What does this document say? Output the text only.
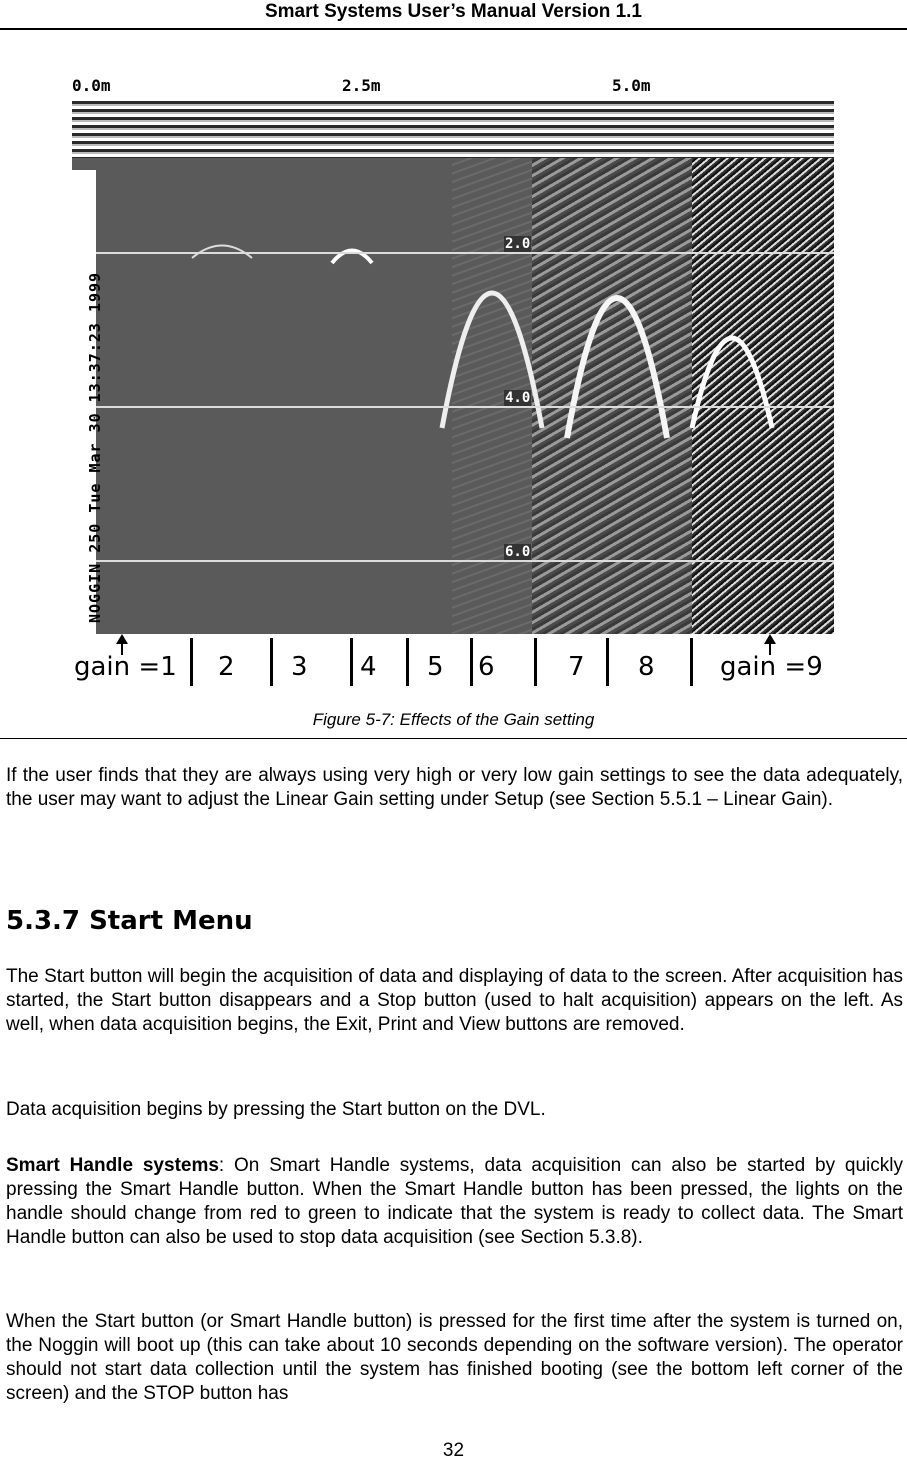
Smart Systems User’s Manual Version 1.1
0.0m	2.5m	5.0m
2.0
4.0
6.0
NOGGIN 250 Tue Mar 30 13:37:23 1999
gain =1 2 3 4 5 6	7 8	gain =9
Figure 5-7: Effects of the Gain setting

If the user finds that they are always using very high or very low gain settings to see the data adequately, the user may want to adjust the Linear Gain setting under Setup (see Section 5.5.1 – Linear Gain).

5.3.7 Start Menu

The Start button will begin the acquisition of data and displaying of data to the screen. After acquisition has started, the Start button disappears and a Stop button (used to halt acquisition) appears on the left. As well, when data acquisition begins, the Exit, Print and View buttons are removed.

Data acquisition begins by pressing the Start button on the DVL.

Smart Handle systems: On Smart Handle systems, data acquisition can also be started by quickly pressing the Smart Handle button. When the Smart Handle button has been pressed, the lights on the handle should change from red to green to indicate that the system is ready to collect data. The Smart Handle button can also be used to stop data acquisition (see Section 5.3.8).

When the Start button (or Smart Handle button) is pressed for the first time after the system is turned on, the Noggin will boot up (this can take about 10 seconds depending on the software version). The operator should not start data collection until the system has finished booting (see the bottom left corner of the screen) and the STOP button has

32
